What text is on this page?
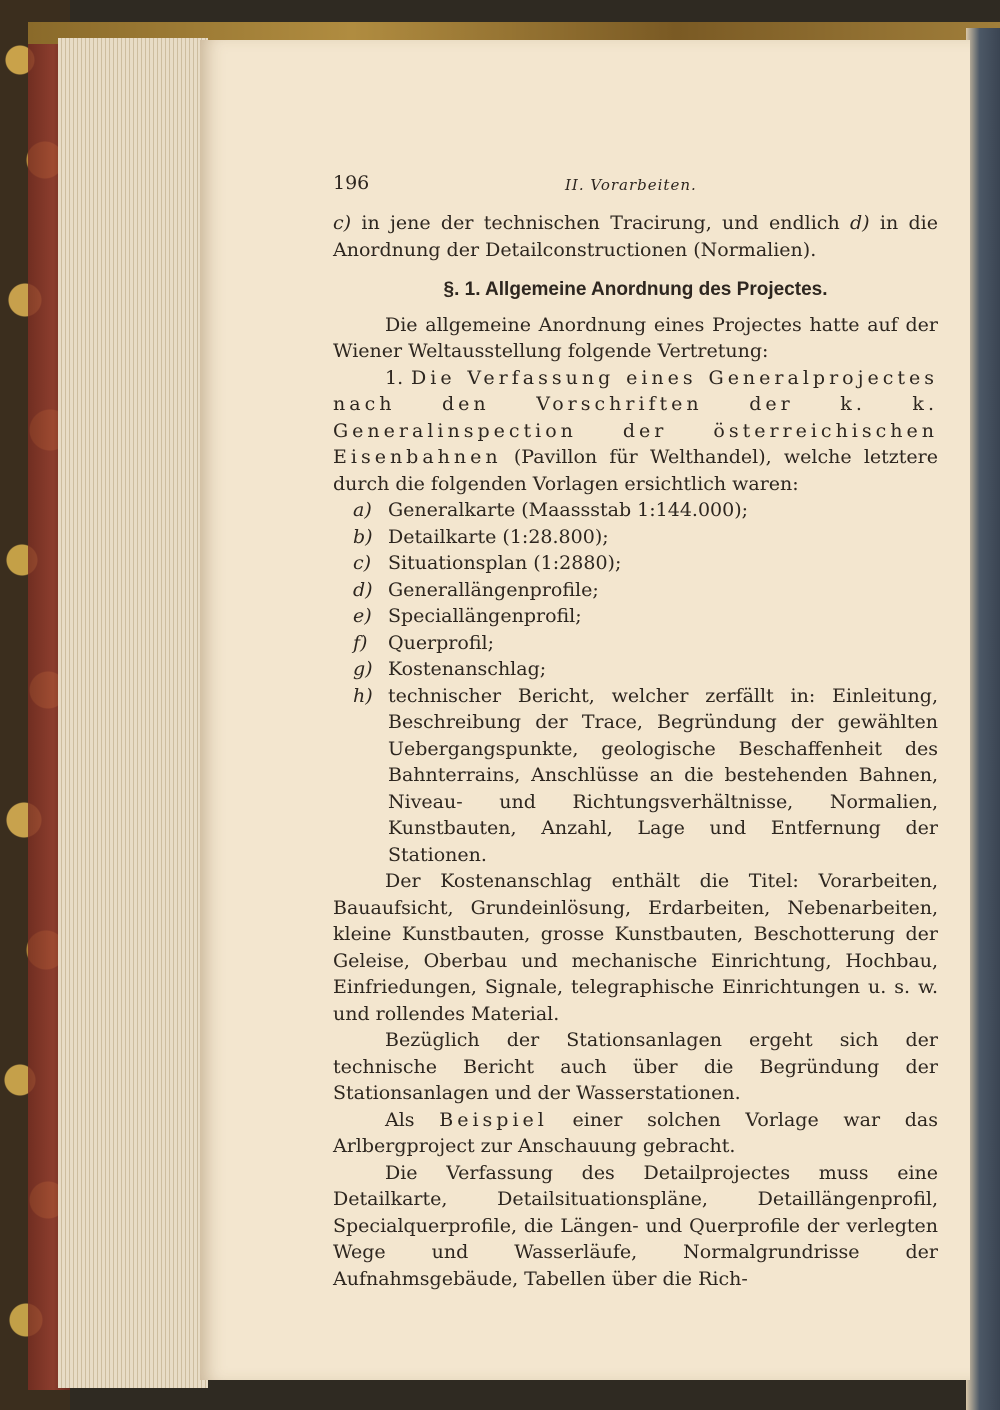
196	II. Vorarbeiten.

c) in jene der technischen Tracirung, und endlich d) in die Anordnung der Detailconstructionen (Normalien).

§. 1. Allgemeine Anordnung des Projectes.

Die allgemeine Anordnung eines Projectes hatte auf der Wiener Weltausstellung folgende Vertretung:

1. Die Verfassung eines Generalprojectes nach den Vorschriften der k. k. Generalinspection der österreichischen Eisenbahnen (Pavillon für Welthandel), welche letztere durch die folgenden Vorlagen ersichtlich waren:

a) Generalkarte (Maassstab 1:144.000);
b) Detailkarte (1:28.800);
c) Situationsplan (1:2880);
d) Generallängenprofile;
e) Speciallängenprofil;
f) Querprofil;
g) Kostenanschlag;
h) technischer Bericht, welcher zerfällt in: Einleitung, Beschreibung der Trace, Begründung der gewählten Uebergangspunkte, geologische Beschaffenheit des Bahnterrains, Anschlüsse an die bestehenden Bahnen, Niveau- und Richtungsverhältnisse, Normalien, Kunstbauten, Anzahl, Lage und Entfernung der Stationen.

Der Kostenanschlag enthält die Titel: Vorarbeiten, Bauaufsicht, Grundeinlösung, Erdarbeiten, Nebenarbeiten, kleine Kunstbauten, grosse Kunstbauten, Beschotterung der Geleise, Oberbau und mechanische Einrichtung, Hochbau, Einfriedungen, Signale, telegraphische Einrichtungen u. s. w. und rollendes Material.

Bezüglich der Stationsanlagen ergeht sich der technische Bericht auch über die Begründung der Stationsanlagen und der Wasserstationen.

Als Beispiel einer solchen Vorlage war das Arlbergproject zur Anschauung gebracht.

Die Verfassung des Detailprojectes muss eine Detailkarte, Detailsituationspläne, Detaillängenprofil, Specialquerprofile, die Längen- und Querprofile der verlegten Wege und Wasserläufe, Normalgrundrisse der Aufnahmsgebäude, Tabellen über die Rich-
